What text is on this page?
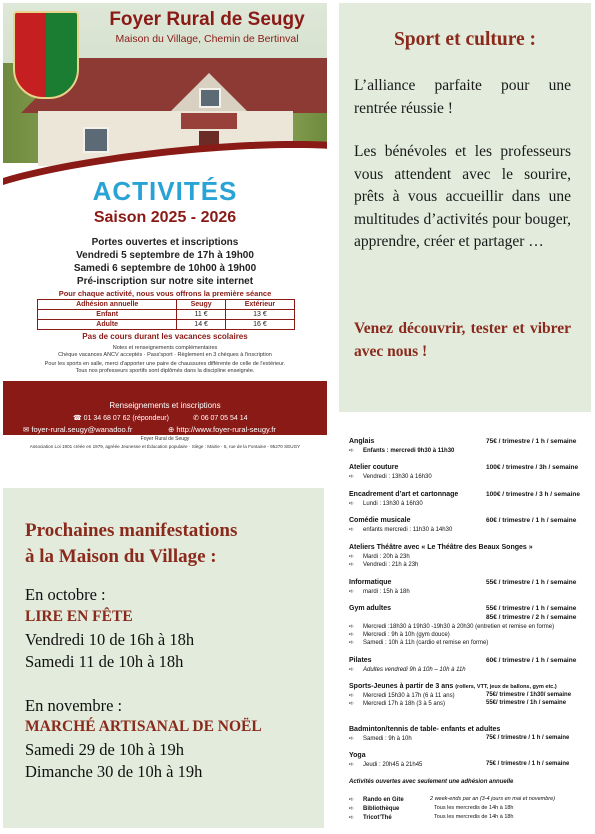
Foyer Rural de Seugy
Maison du Village, Chemin de Bertinval
ACTIVITÉS
Saison 2025 - 2026
Portes ouvertes et inscriptions
Vendredi 5 septembre de 17h à 19h00
Samedi 6 septembre de 10h00 à 19h00
Pré-inscription sur notre site internet
Pour chaque activité, nous vous offrons la première séance
Adhésion annuelle	Seugy	Extérieur
Enfant	11 €	13 €
Adulte	14 €	16 €
Pas de cours durant les vacances scolaires
Notes et renseignements complémentaires
Chèque vacances ANCV acceptés · Pass'sport · Règlement en 3 chèques à l'inscription
Pour les sports en salle, merci d'apporter une paire de chaussures différente de celle de l'extérieur.
Tous nos professeurs sportifs sont diplômés dans la discipline enseignée.
Renseignements et inscriptions
☎ 01 34 68 07 62 (répondeur)	✆ 06 07 05 54 14
✉ foyer-rural.seugy@wanadoo.fr	⊕ http://www.foyer-rural-seugy.fr
Foyer Rural de Seugy
Association Loi 1901 créée en 1979, agréée Jeunesse et Éducation populaire · Siège : Mairie - 5, rue de la Fontaine - 95270 SEUGY
Sport et culture :
L’alliance parfaite pour une rentrée réussie !
Les bénévoles et les professeurs vous attendent avec le sourire, prêts à vous accueillir dans une multitudes d’activités pour bouger, apprendre, créer et partager …
Venez découvrir, tester et vibrer avec nous !
Prochaines manifestations
à la Maison du Village :
En octobre :
LIRE EN FÊTE
Vendredi 10 de 16h à 18h
Samedi 11 de 10h à 18h
En novembre :
MARCHÉ ARTISANAL DE NOËL
Samedi 29 de 10h à 19h
Dimanche 30 de 10h à 19h
Anglais	75€ / trimestre / 1 h / semaine
➪ Enfants : mercredi 9h30 à 11h30
Atelier couture	100€ / trimestre / 3h / semaine
➪ Vendredi : 13h30 à 16h30
Encadrement d’art et cartonnage	100€ / trimestre / 3 h / semaine
➪ Lundi : 13h30 à 16h30
Comédie musicale	60€ / trimestre / 1 h / semaine
➪ enfants mercredi : 11h30 à 14h30
Ateliers Théâtre avec « Le Théâtre des Beaux Songes »
➪ Mardi : 20h à 23h
➪ Vendredi : 21h à 23h
Informatique	55€ / trimestre / 1 h / semaine
➪ mardi : 15h à 18h
Gym adultes	55€ / trimestre / 1 h / semaine
85€ / trimestre / 2 h / semaine
➪ Mercredi :18h30 à 19h30 -19h30 à 20h30 (entretien et remise en forme)
➪ Mercredi : 9h à 10h (gym douce)
➪ Samedi : 10h à 11h (cardio et remise en forme)
Pilates	60€ / trimestre / 1 h / semaine
➪ Adultes vendredi 9h à 10h – 10h à 11h
Sports-Jeunes à partir de 3 ans (rollers, VTT, jeux de ballons, gym etc.)
➪ Mercredi 15h30 à 17h (6 à 11 ans)	75€/ trimestre / 1h30/ semaine
➪ Mercredi 17h à 18h (3 à 5 ans)	55€/ trimestre / 1h / semaine
Badminton/tennis de table- enfants et adultes
➪ Samedi : 9h à 10h	75€ / trimestre / 1 h / semaine
Yoga
➪ Jeudi : 20h45 à 21h45	75€ / trimestre / 1 h / semaine
Activités ouvertes avec seulement une adhésion annuelle
➪ Rando en Gite	2 week-ends par an (3-4 jours en mai et novembre)
➪ Bibliothèque	Tous les mercredis de 14h à 18h
➪ Tricot’Thé	Tous les mercredis de 14h à 18h
